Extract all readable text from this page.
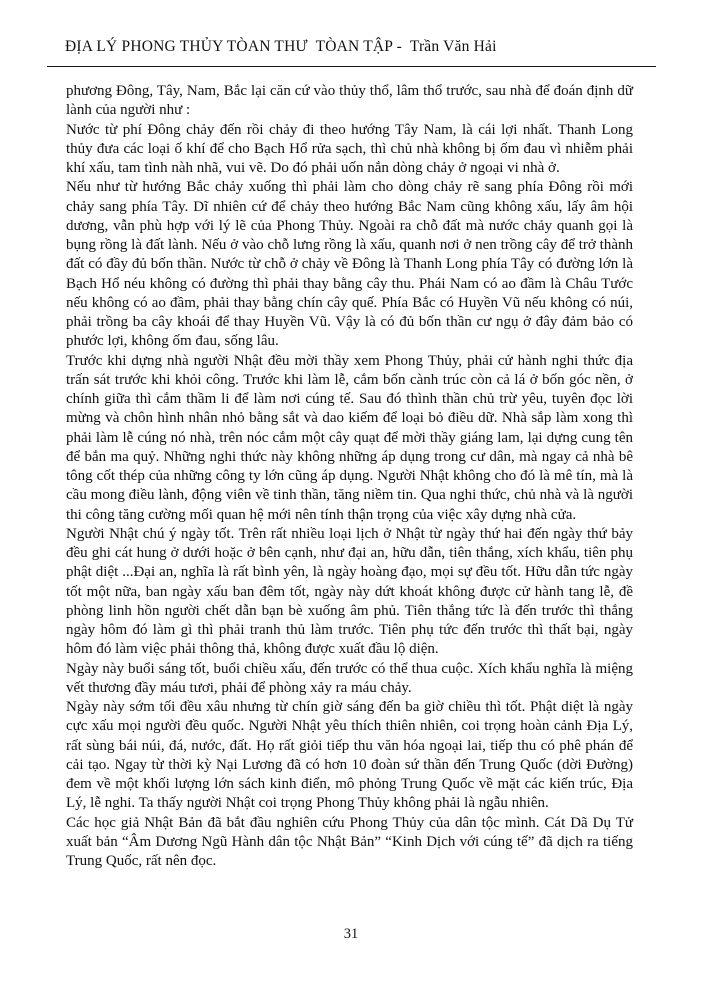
ĐỊA LÝ PHONG THỦY TÒAN THƯ  TÒAN TẬP -  Trần Văn Hải

phương Đông, Tây, Nam, Bắc lại căn cứ vào thủy thổ, lâm thổ trước, sau nhà để đoán định dữ lành của người như :

Nước từ phí Đông chảy đến rồi chảy đi theo hướng Tây Nam, là cái lợi nhất. Thanh Long thủy đưa các loại ố khí để cho Bạch Hổ rửa sạch, thì chủ nhà không bị ốm đau vì nhiễm phải khí xấu, tam tình nàh nhã, vui vẽ. Do đó phải uốn nắn dòng chảy ở ngoại vi nhà ở.

Nếu như từ hướng Bắc chảy xuống thì phải làm cho dòng chảy rẽ sang phía Đông rồi mới chảy sang phía Tây. Dĩ nhiên cứ để chảy theo hướng Bắc Nam cũng không xấu, lấy âm hội dương, vẫn phù hợp với lý lẽ của Phong Thủy. Ngoài ra chỗ đất mà nước chảy quanh gọi là bụng rồng là đất lành. Nếu ở vào chỗ lưng rồng là xấu, quanh nơi ở nen trồng cây để trở thành đất có đầy đủ bốn thần. Nước từ chỗ ở chảy về Đông là Thanh Long phía Tây có đường lớn là Bạch Hổ néu không có đường thì phải thay bằng cây thu. Phái Nam có ao đầm là Châu Tước nếu không có ao đầm, phải thay bằng chín cây quế. Phía Bắc có Huyền Vũ nếu không có núi, phải trồng ba cây khoái để thay Huyền Vũ. Vậy là có đủ bốn thần cư ngụ ở đây đảm bảo có phước lợi, không ốm đau, sống lâu.

Trước khi dựng nhà người Nhật đều mời thầy xem Phong Thủy, phải cử hành nghi thức địa trấn sát trước khi khỏi công. Trước khi làm lễ, cắm bốn cành trúc còn cả lá ở bốn góc nền, ở chính giữa thì cắm thầm li để làm nơi cúng tế. Sau đó thình thần chủ trừ yêu, tuyên đọc lời mừng và chôn hình nhân nhỏ bằng sắt và dao kiếm để loại bỏ điều dữ. Nhà sắp làm xong thì phải làm lễ cúng nó nhà, trên nóc cắm một cây quạt để mời thầy giáng lam, lại dựng cung tên để bắn ma quỷ. Những nghi thức này không những áp dụng trong cư dân, mà ngay cả nhà bê tông cốt thép của những công ty lớn cũng áp dụng. Người Nhật không cho đó là mê tín, mà là cầu mong điều lành, động viên về tinh thần, tăng niềm tin. Qua nghi thức, chủ nhà và là người thi công tăng cường mối quan hệ mới nên tính thận trọng của việc xây dựng nhà cửa.

Người Nhật chú ý ngày tốt. Trên rất nhiều loại lịch ở Nhật từ ngày thứ hai đến ngày thứ bảy đều ghi cát hung ở dưới hoặc ở bên cạnh, như đại an, hữu dẫn, tiên thắng, xích khẩu, tiên phụ phật diệt ...Đại an, nghĩa là rất bình yên, là ngày hoàng đạo, mọi sự đều tốt. Hữu dẫn tức ngày tốt một nữa, ban ngày xấu ban đêm tốt, ngày này dứt khoát không được cử hành tang lễ, đề phòng linh hồn người chết dẫn bạn bè xuống âm phủ. Tiên thắng tức là đến trước thì thắng ngày hôm đó làm gì thì phải tranh thủ làm trước. Tiên phụ tức đến trước thì thất bại, ngày hôm đó làm việc phải thông thả, không được xuất đầu lộ diện.

Ngày này buổi sáng tốt, buổi chiều xấu, đến trước có thể thua cuộc. Xích khẩu nghĩa là miệng vết thương đầy máu tươi, phải để phòng xảy ra máu chảy.

Ngày này sớm tối đều xâu nhưng từ chín giờ sáng đến ba giờ chiều thì tốt. Phật diệt là ngày cực xấu mọi người đều quốc. Người Nhật yêu thích thiên nhiên, coi trọng hoàn cảnh Địa Lý, rất sùng bái núi, đá, nước, đất. Họ rất giỏi tiếp thu văn hóa ngoại lai, tiếp thu có phê phán để cải tạo. Ngay từ thời kỳ Nại Lương đã có hơn 10 đoàn sứ thần đến Trung Quốc (dời Đường) đem về một khối lượng lớn sách kinh điển, mô phỏng Trung Quốc về mặt các kiến trúc, Địa Lý, lễ nghi. Ta thấy người Nhật coi trọng Phong Thủy không phải là ngẫu nhiên.

Các học giả Nhật Bản đã bắt đầu nghiên cứu Phong Thủy của dân tộc mình. Cát Dã Dụ Tử xuất bản “Âm Dương Ngũ Hành dân tộc Nhật Bản” “Kinh Dịch với cúng tế” đã dịch ra tiếng Trung Quốc, rất nên đọc.

31
